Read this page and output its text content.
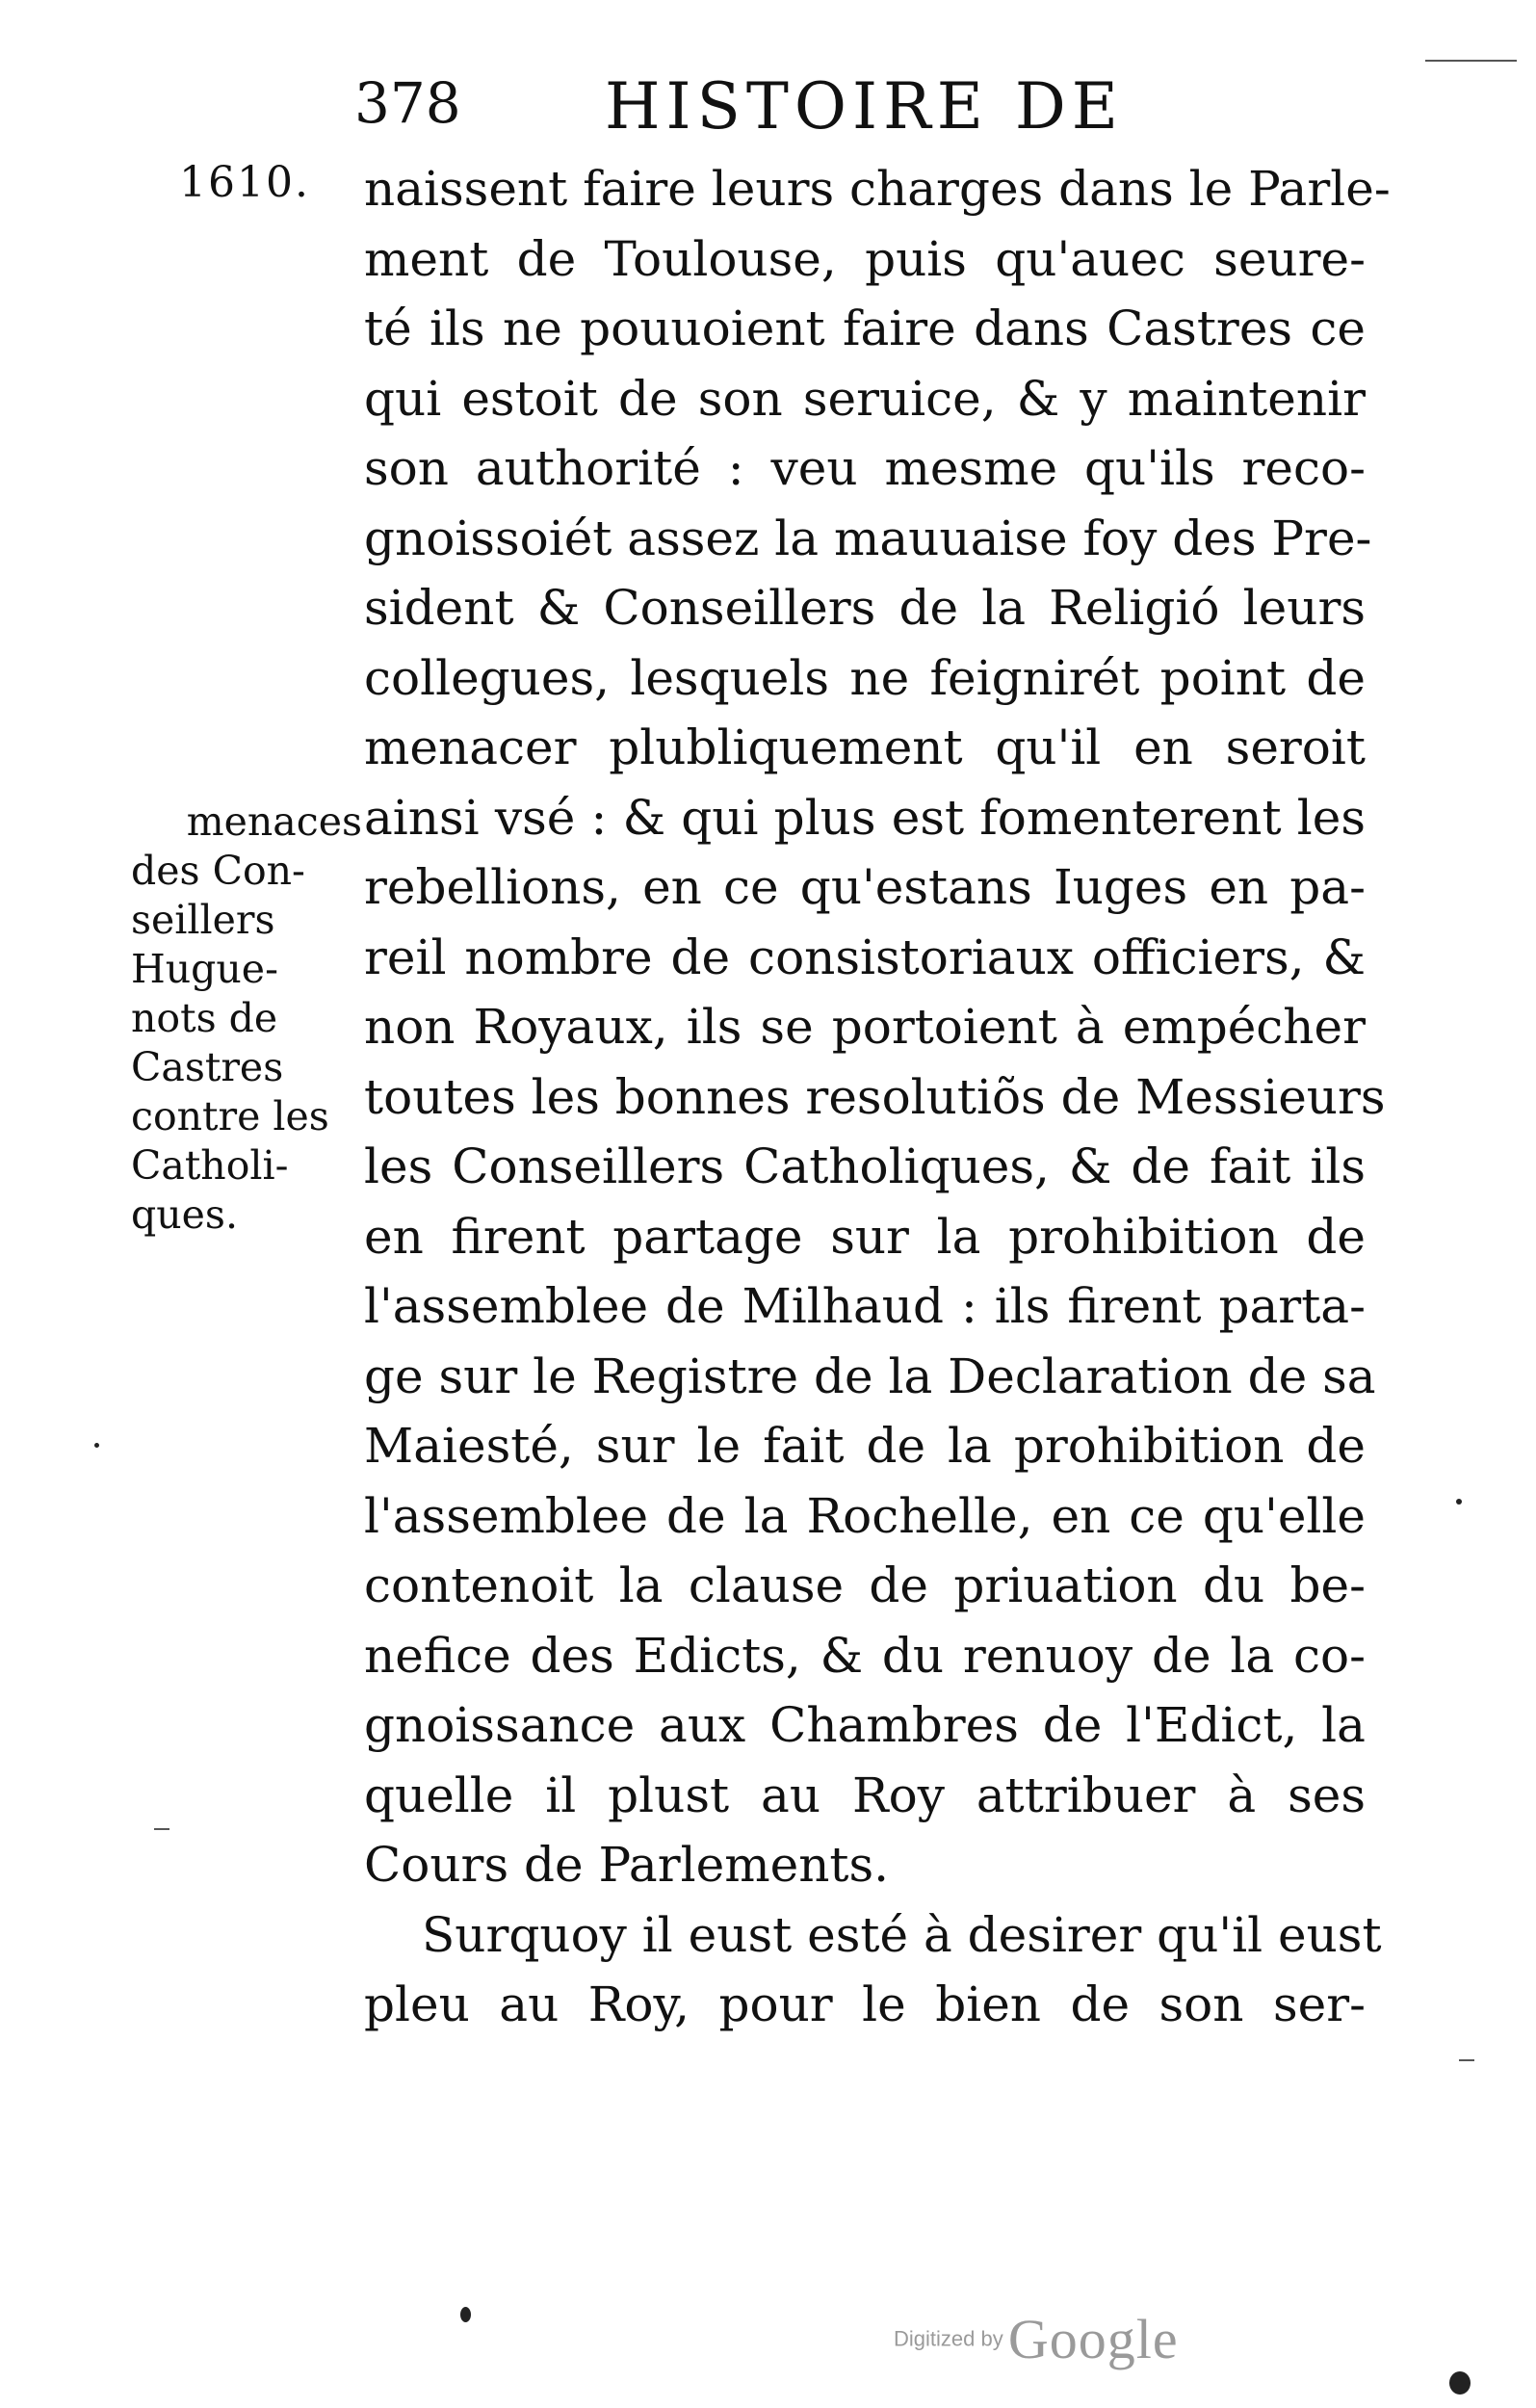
378 HISTOIRE DE
1610. naissent faire leurs charges dans le Parle-
ment de Toulouse, puis qu'auec seure-
té ils ne pouuoient faire dans Castres ce
qui estoit de son seruice, & y maintenir
son authorité : veu mesme qu'ils reco-
gnoissoiét assez la mauuaise foy des Pre-
sident & Conseillers de la Religió leurs
collegues, lesquels ne feignirét point de
menacer plubliquement qu'il en seroit
ainsi vsé : & qui plus est fomenterent les
rebellions, en ce qu'estans Iuges en pa-
reil nombre de consistoriaux officiers, &
non Royaux, ils se portoient à empécher
toutes les bonnes resolutiõs de Messieurs
les Conseillers Catholiques, & de fait ils
en firent partage sur la prohibition de
l'assemblee de Milhaud : ils firent parta-
ge sur le Registre de la Declaration de sa
Maiesté, sur le fait de la prohibition de
l'assemblee de la Rochelle, en ce qu'elle
contenoit la clause de priuation du be-
nefice des Edicts, & du renuoy de la co-
gnoissance aux Chambres de l'Edict, la
quelle il plust au Roy attribuer à ses
Cours de Parlements.
Surquoy il eust esté à desirer qu'il eust
pleu au Roy, pour le bien de son ser-
menaces
des Con-
seillers
Hugue-
nots de
Castres
contre les
Catholi-
ques.
Digitized by Google
